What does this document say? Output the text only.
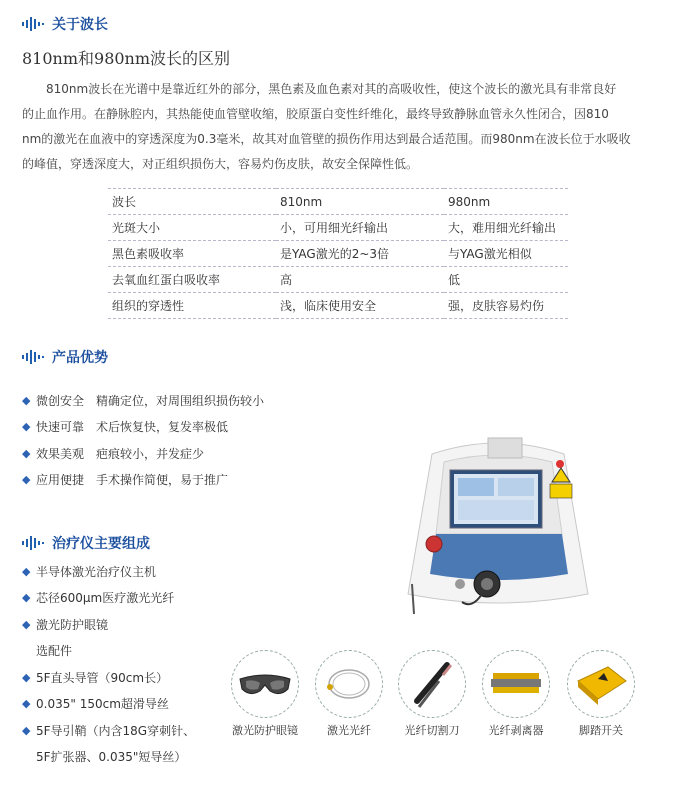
关于波长
810nm和980nm波长的区别
810nm波长在光谱中是靠近红外的部分，黑色素及血色素对其的高吸收性，使这个波长的激光具有非常良好
的止血作用。在静脉腔内，其热能使血管壁收缩，胶原蛋白变性纤维化，最终导致静脉血管永久性闭合，因810
nm的激光在血液中的穿透深度为0.3毫米，故其对血管壁的损伤作用达到最合适范围。而980nm在波长位于水吸收
的峰值，穿透深度大，对正组织损伤大，容易灼伤皮肤，故安全保障性低。
波长	810nm	980nm
光斑大小	小，可用细光纤输出	大，难用细光纤输出
黑色素吸收率	是YAG激光的2~3倍	与YAG激光相似
去氧血红蛋白吸收率	高	低
组织的穿透性	浅，临床使用安全	强，皮肤容易灼伤
产品优势
◆ 微创安全 精确定位，对周围组织损伤较小
◆ 快速可靠 术后恢复快，复发率极低
◆ 效果美观 疤痕较小，并发症少
◆ 应用便捷 手术操作简便，易于推广
治疗仪主要组成
◆ 半导体激光治疗仪主机
◆ 芯径600μm医疗激光光纤
◆ 激光防护眼镜
选配件
◆ 5F直头导管（90cm长）
◆ 0.035" 150cm超滑导丝
◆ 5F导引鞘（内含18G穿刺针、
5F扩张器、0.035"短导丝）
激光防护眼镜	激光光纤	光纤切割刀	光纤剥离器	脚踏开关
